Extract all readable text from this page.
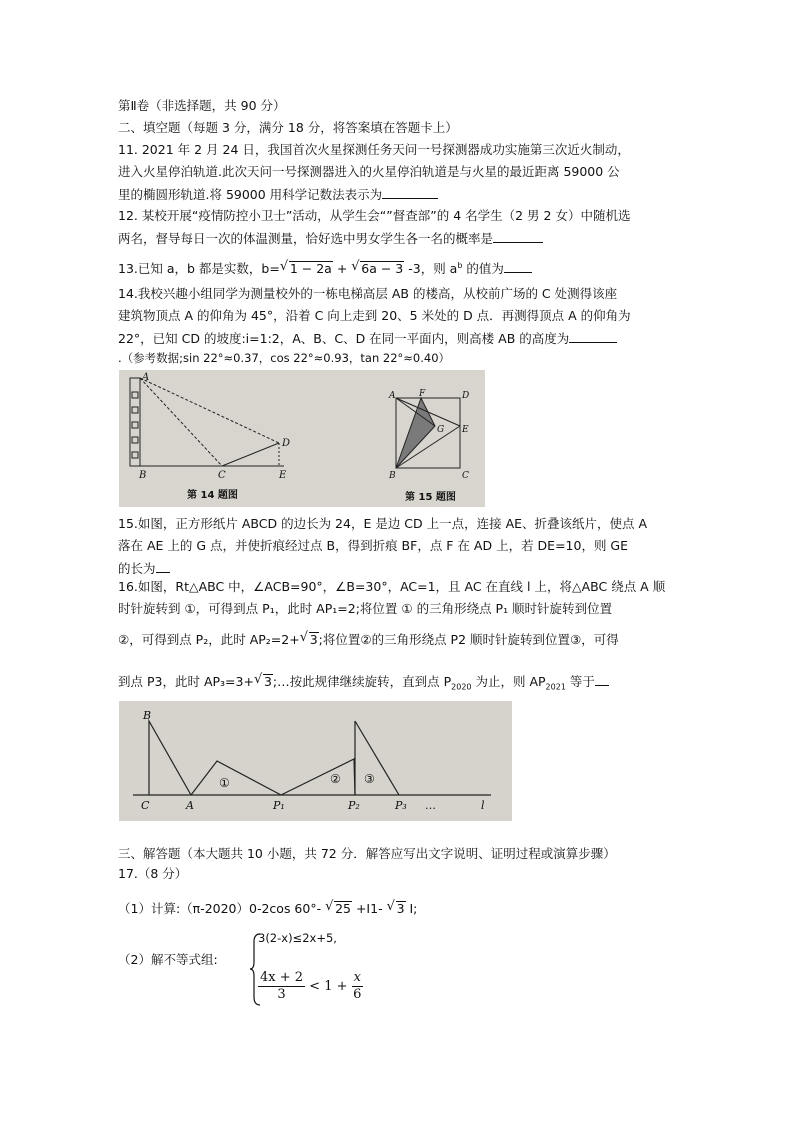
第Ⅱ卷（非选择题，共 90 分）
二、填空题（每题 3 分，满分 18 分，将答案填在答题卡上）
11. 2021 年 2 月 24 日，我国首次火星探测任务天问一号探测器成功实施第三次近火制动，
进入火星停泊轨道.此次天问一号探测器进入的火星停泊轨道是与火星的最近距离 59000 公
里的椭圆形轨道.将 59000 用科学记数法表示为
12. 某校开展“疫情防控小卫士”活动，从学生会“”督查部”的 4 名学生（2 男 2 女）中随机选
两名，督导每日一次的体温测量，恰好选中男女学生各一名的概率是
13.已知 a，b 都是实数，b= √ 1 − 2a + √ 6a − 3 -3，则 $a^b$ 的值为
14.我校兴趣小组同学为测量校外的一栋电梯高层 AB 的楼高，从校前广场的 C 处测得该座
建筑物顶点 A 的仰角为 45°，沿着 C 向上走到 20、5 米处的 D 点．再测得顶点 A 的仰角为
22°，已知 CD 的坡度:i=1:2，A、B、C、D 在同一平面内，则高楼 AB 的高度为
.（参考数据;sin 22°≈0.37，cos 22°≈0.93，tan 22°≈0.40）
A
B	C
D
E
第 14 题图
A	F	D
G E
B	C
第 15 题图
15.如图，正方形纸片 ABCD 的边长为 24，E 是边 CD 上一点，连接 AE、折叠该纸片，使点 A
落在 AE 上的 G 点，并使折痕经过点 B，得到折痕 BF，点 F 在 AD 上，若 DE=10，则 GE
的长为
16.如图，Rt△ABC 中，∠ACB=90°，∠B=30°，AC=1，且 AC 在直线 l 上，将△ABC 绕点 A 顺
时针旋转到 ①，可得到点 P₁，此时 AP₁=2;将位置 ① 的三角形绕点 P₁ 顺时针旋转到位置
②，可得到点 P₂，此时 AP₂=2+ √ 3;将位置②的三角形绕点 P2 顺时针旋转到位置③，可得
到点 P3，此时 AP₃=3+ √ 3;…按此规律继续旋转，直到点 $P_{2020}$ 为止，则 $AP_{2021}$ 等于
B
C	A	P₁	P₂	P₃ …	l
①	② ③
三、解答题（本大题共 10 小题，共 72 分．解答应写出文字说明、证明过程或演算步骤）
17.（8 分）
（1）计算:（π-2020）0-2cos 60°- √ 25 +I1- √ 3 I;
（2）解不等式组:
3(2-x)≤2x+5,
$\frac{4x + 2}{3} < 1 + \frac{x}{6}$
